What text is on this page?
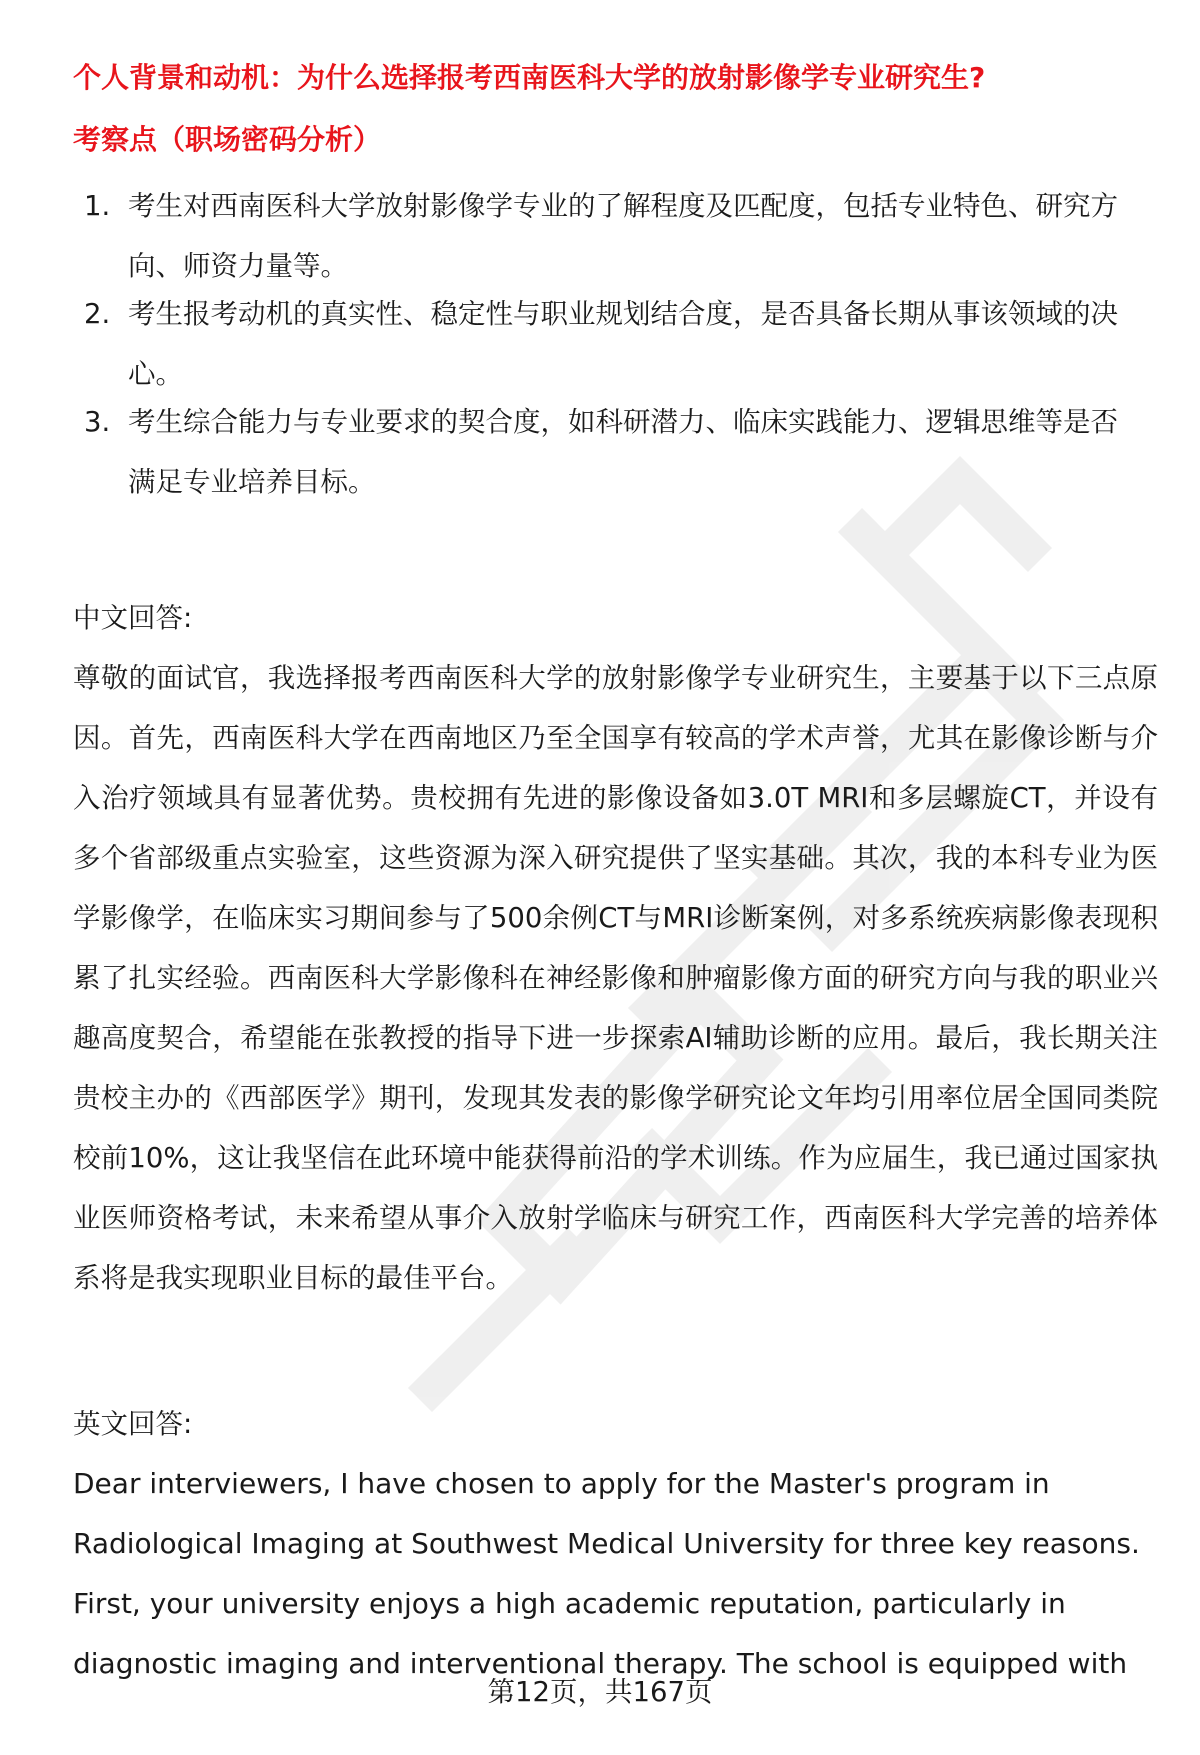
个人背景和动机：为什么选择报考西南医科大学的放射影像学专业研究生?
考察点（职场密码分析）
1. 考生对西南医科大学放射影像学专业的了解程度及匹配度，包括专业特色、研究方向、师资力量等。
2. 考生报考动机的真实性、稳定性与职业规划结合度，是否具备长期从事该领域的决心。
3. 考生综合能力与专业要求的契合度，如科研潜力、临床实践能力、逻辑思维等是否满足专业培养目标。
中文回答:
尊敬的面试官，我选择报考西南医科大学的放射影像学专业研究生，主要基于以下三点原因。首先，西南医科大学在西南地区乃至全国享有较高的学术声誉，尤其在影像诊断与介入治疗领域具有显著优势。贵校拥有先进的影像设备如3.0T MRI和多层螺旋CT，并设有多个省部级重点实验室，这些资源为深入研究提供了坚实基础。其次，我的本科专业为医学影像学，在临床实习期间参与了500余例CT与MRI诊断案例，对多系统疾病影像表现积累了扎实经验。西南医科大学影像科在神经影像和肿瘤影像方面的研究方向与我的职业兴趣高度契合，希望能在张教授的指导下进一步探索AI辅助诊断的应用。最后，我长期关注贵校主办的《西部医学》期刊，发现其发表的影像学研究论文年均引用率位居全国同类院校前10%，这让我坚信在此环境中能获得前沿的学术训练。作为应届生，我已通过国家执业医师资格考试，未来希望从事介入放射学临床与研究工作，西南医科大学完善的培养体系将是我实现职业目标的最佳平台。
英文回答:
Dear interviewers, I have chosen to apply for the Master's program in Radiological Imaging at Southwest Medical University for three key reasons. First, your university enjoys a high academic reputation, particularly in diagnostic imaging and interventional therapy. The school is equipped with
第12页，共167页
